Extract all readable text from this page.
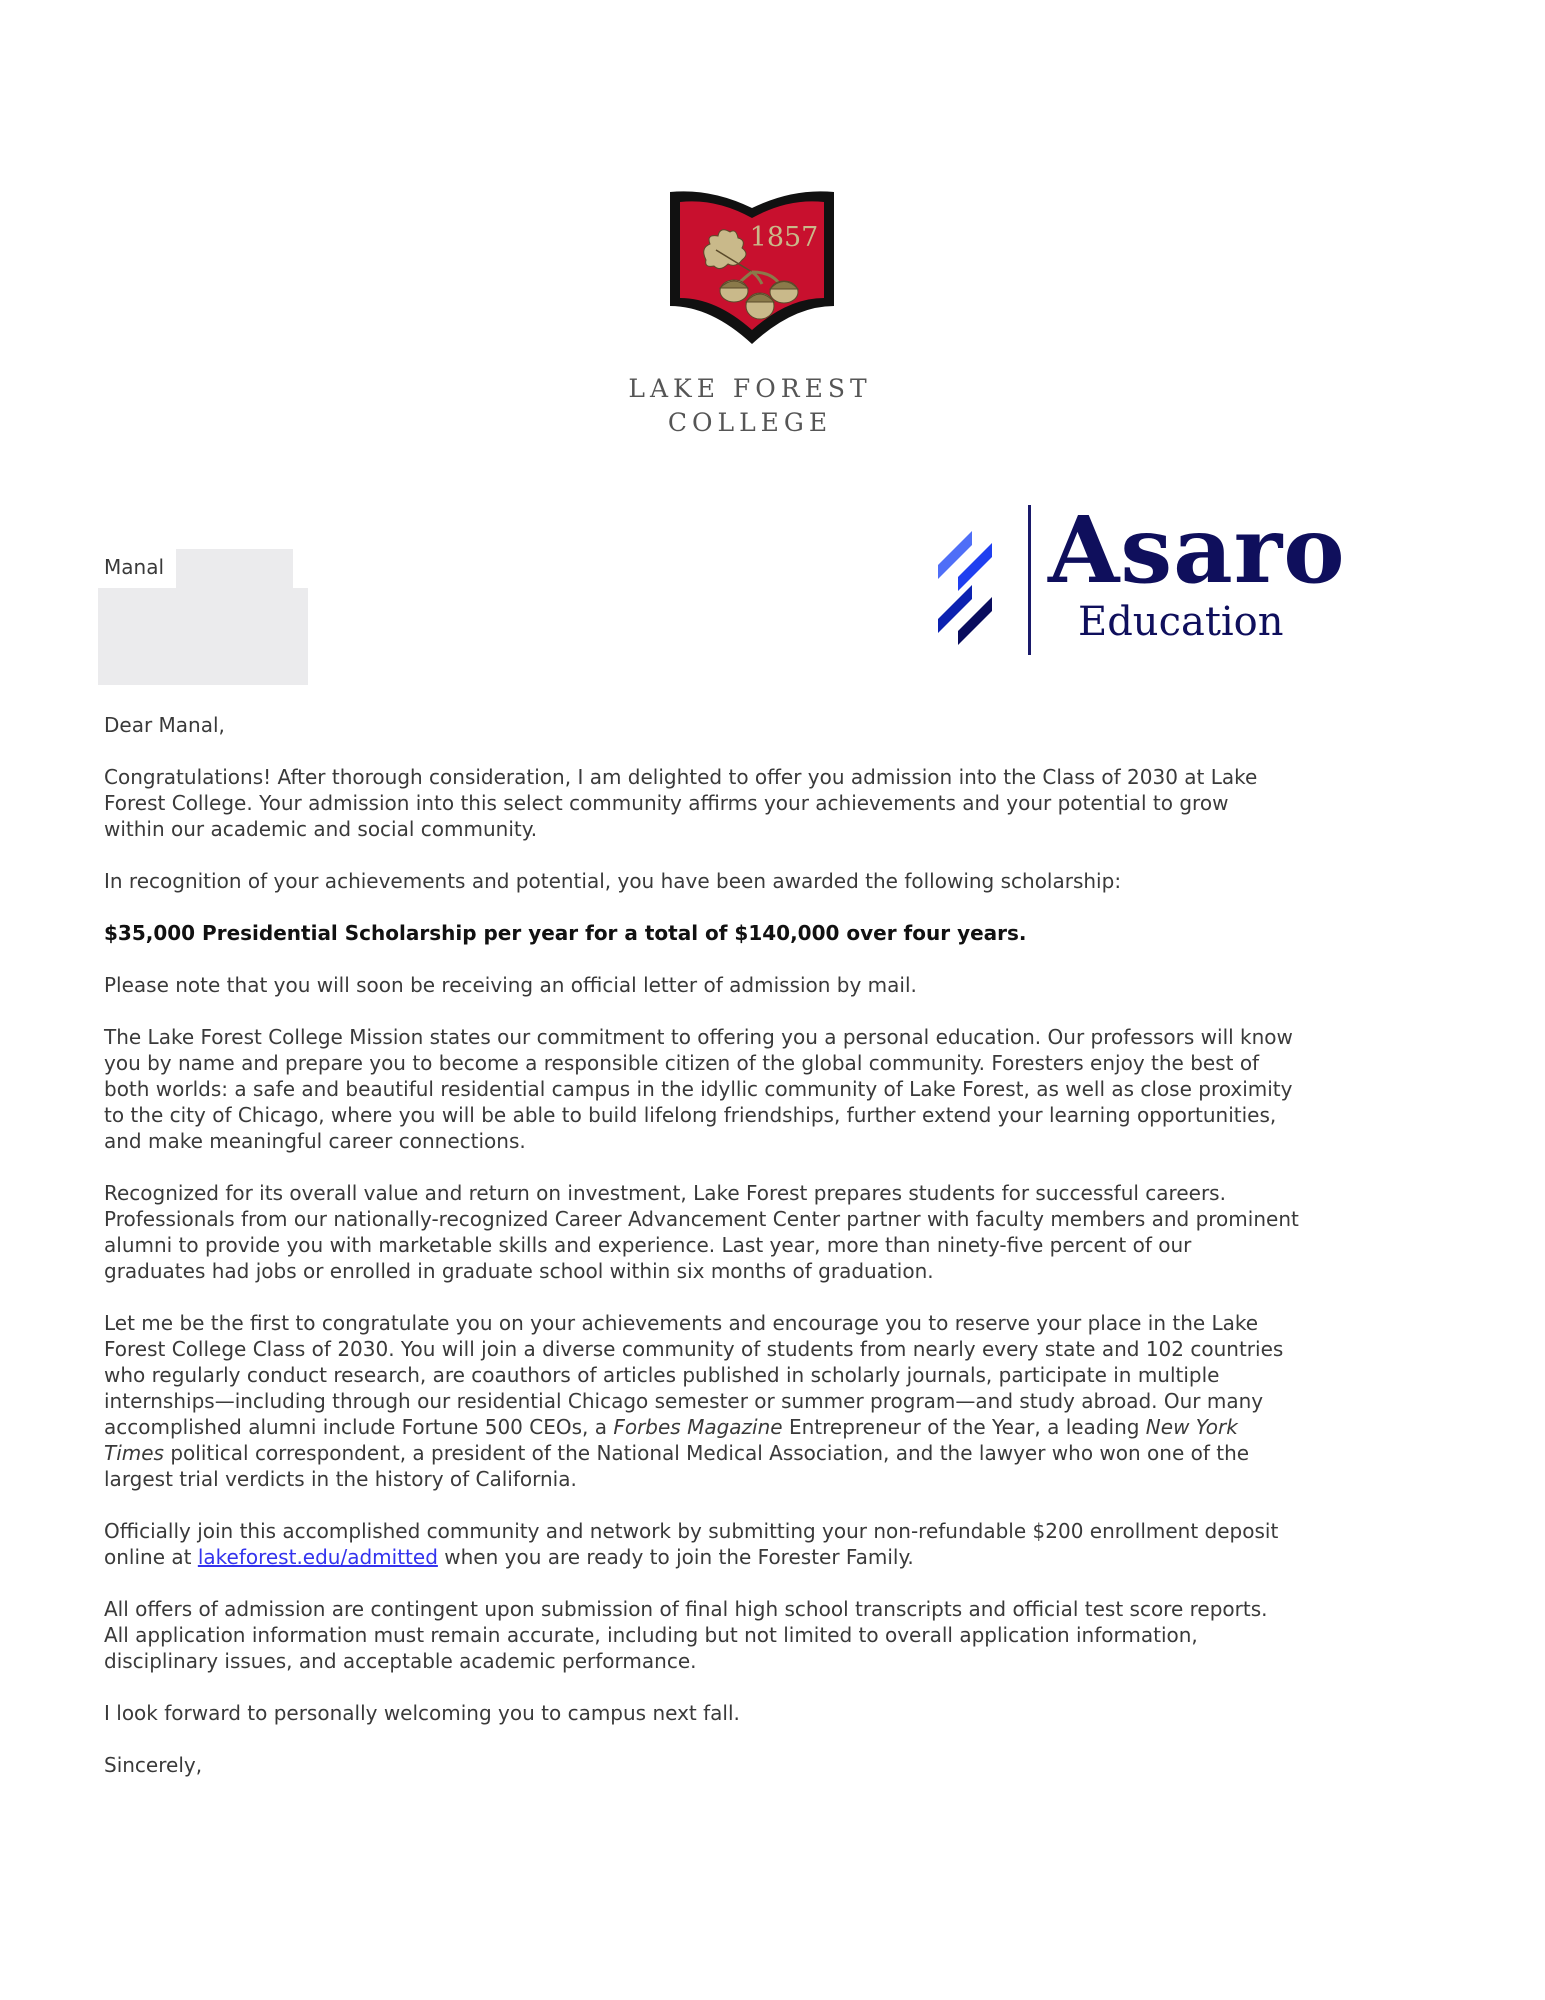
1857
LAKE FOREST
COLLEGE
Asaro
Education
Manal

Dear Manal,

Congratulations! After thorough consideration, I am delighted to offer you admission into the Class of 2030 at Lake
Forest College. Your admission into this select community affirms your achievements and your potential to grow
within our academic and social community.

In recognition of your achievements and potential, you have been awarded the following scholarship:

$35,000 Presidential Scholarship per year for a total of $140,000 over four years.

Please note that you will soon be receiving an official letter of admission by mail.

The Lake Forest College Mission states our commitment to offering you a personal education. Our professors will know
you by name and prepare you to become a responsible citizen of the global community. Foresters enjoy the best of
both worlds: a safe and beautiful residential campus in the idyllic community of Lake Forest, as well as close proximity
to the city of Chicago, where you will be able to build lifelong friendships, further extend your learning opportunities,
and make meaningful career connections.

Recognized for its overall value and return on investment, Lake Forest prepares students for successful careers.
Professionals from our nationally-recognized Career Advancement Center partner with faculty members and prominent
alumni to provide you with marketable skills and experience. Last year, more than ninety-five percent of our
graduates had jobs or enrolled in graduate school within six months of graduation.

Let me be the first to congratulate you on your achievements and encourage you to reserve your place in the Lake
Forest College Class of 2030. You will join a diverse community of students from nearly every state and 102 countries
who regularly conduct research, are coauthors of articles published in scholarly journals, participate in multiple
internships—including through our residential Chicago semester or summer program—and study abroad. Our many
accomplished alumni include Fortune 500 CEOs, a Forbes Magazine Entrepreneur of the Year, a leading New York
Times political correspondent, a president of the National Medical Association, and the lawyer who won one of the
largest trial verdicts in the history of California.

Officially join this accomplished community and network by submitting your non-refundable $200 enrollment deposit
online at lakeforest.edu/admitted when you are ready to join the Forester Family.

All offers of admission are contingent upon submission of final high school transcripts and official test score reports.
All application information must remain accurate, including but not limited to overall application information,
disciplinary issues, and acceptable academic performance.

I look forward to personally welcoming you to campus next fall.

Sincerely,
